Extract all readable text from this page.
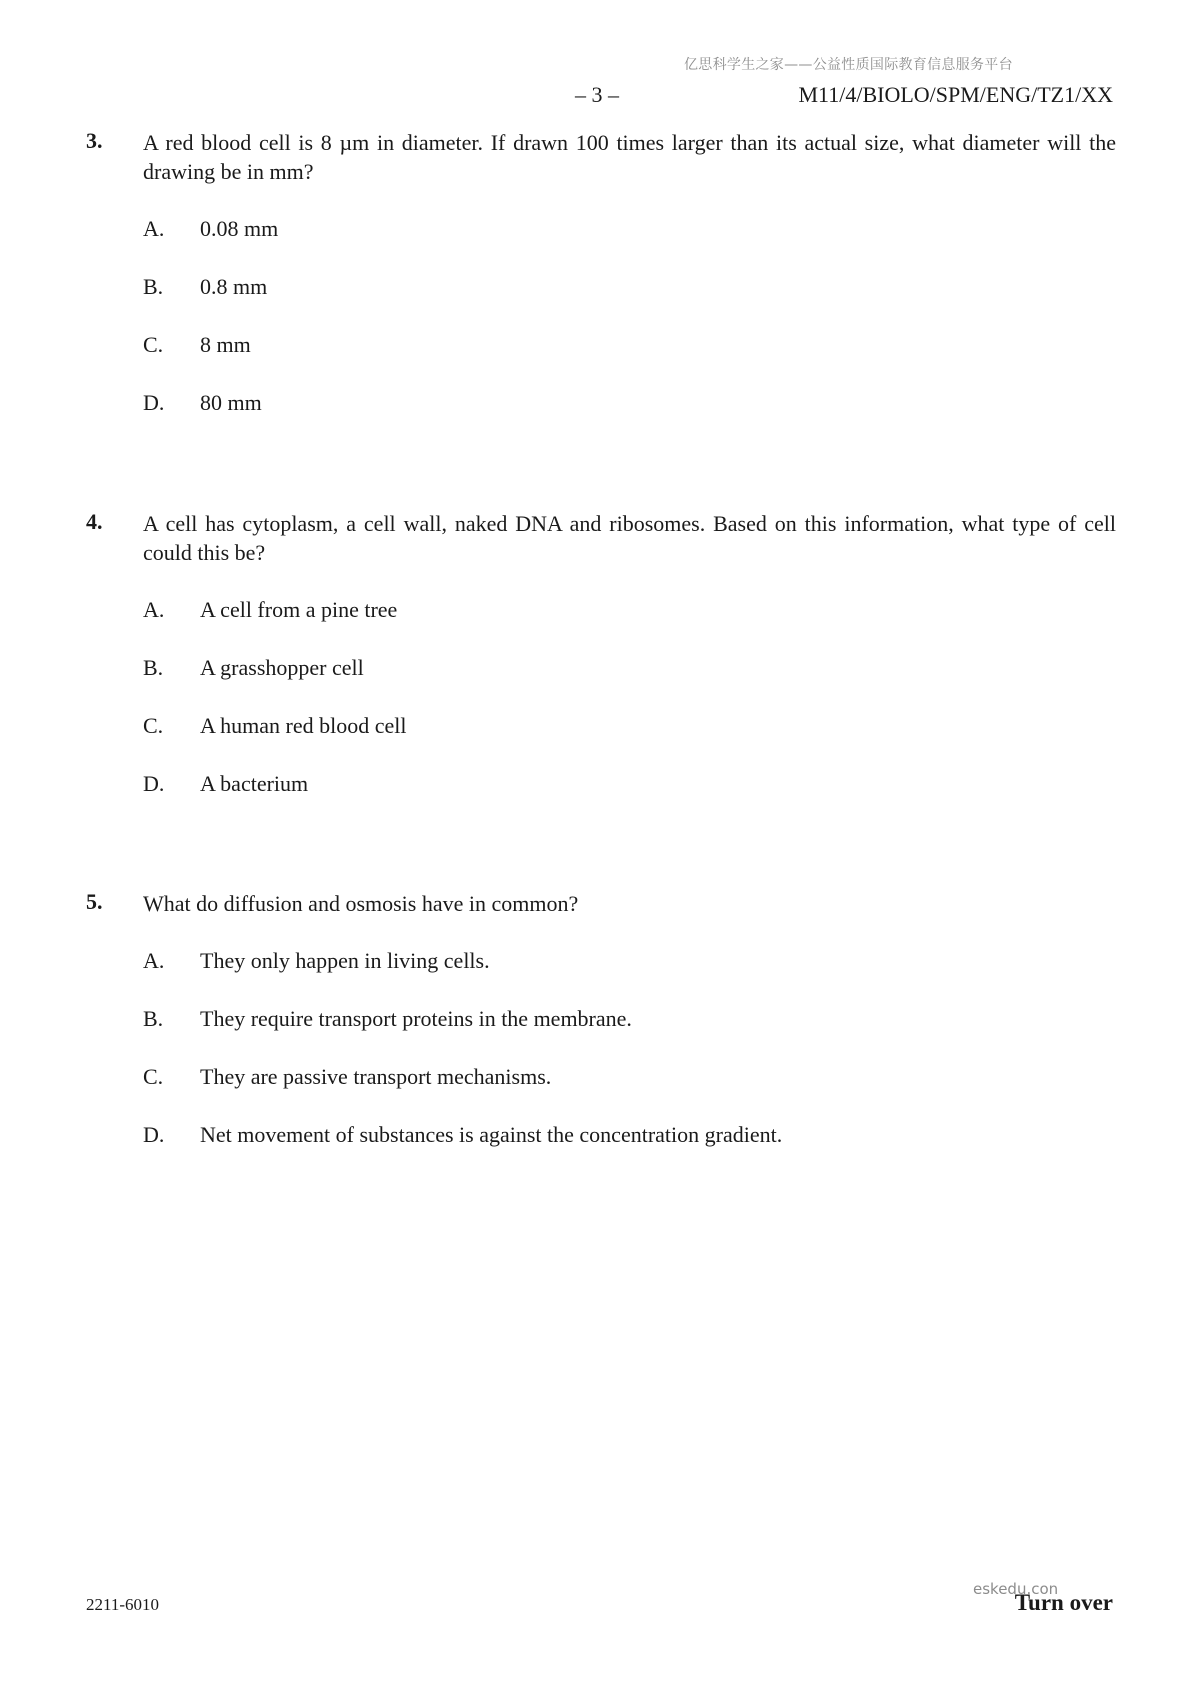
亿思科学生之家——公益性质国际教育信息服务平台
– 3 –	M11/4/BIOLO/SPM/ENG/TZ1/XX
3. A red blood cell is 8 µm in diameter. If drawn 100 times larger than its actual size, what diameter will the drawing be in mm?
A.	0.08 mm
B.	0.8 mm
C.	8 mm
D.	80 mm
4. A cell has cytoplasm, a cell wall, naked DNA and ribosomes. Based on this information, what type of cell could this be?
A.	A cell from a pine tree
B.	A grasshopper cell
C.	A human red blood cell
D.	A bacterium
5. What do diffusion and osmosis have in common?
A.	They only happen in living cells.
B.	They require transport proteins in the membrane.
C.	They are passive transport mechanisms.
D.	Net movement of substances is against the concentration gradient.
2211-6010
eskedu.con
Turn over
